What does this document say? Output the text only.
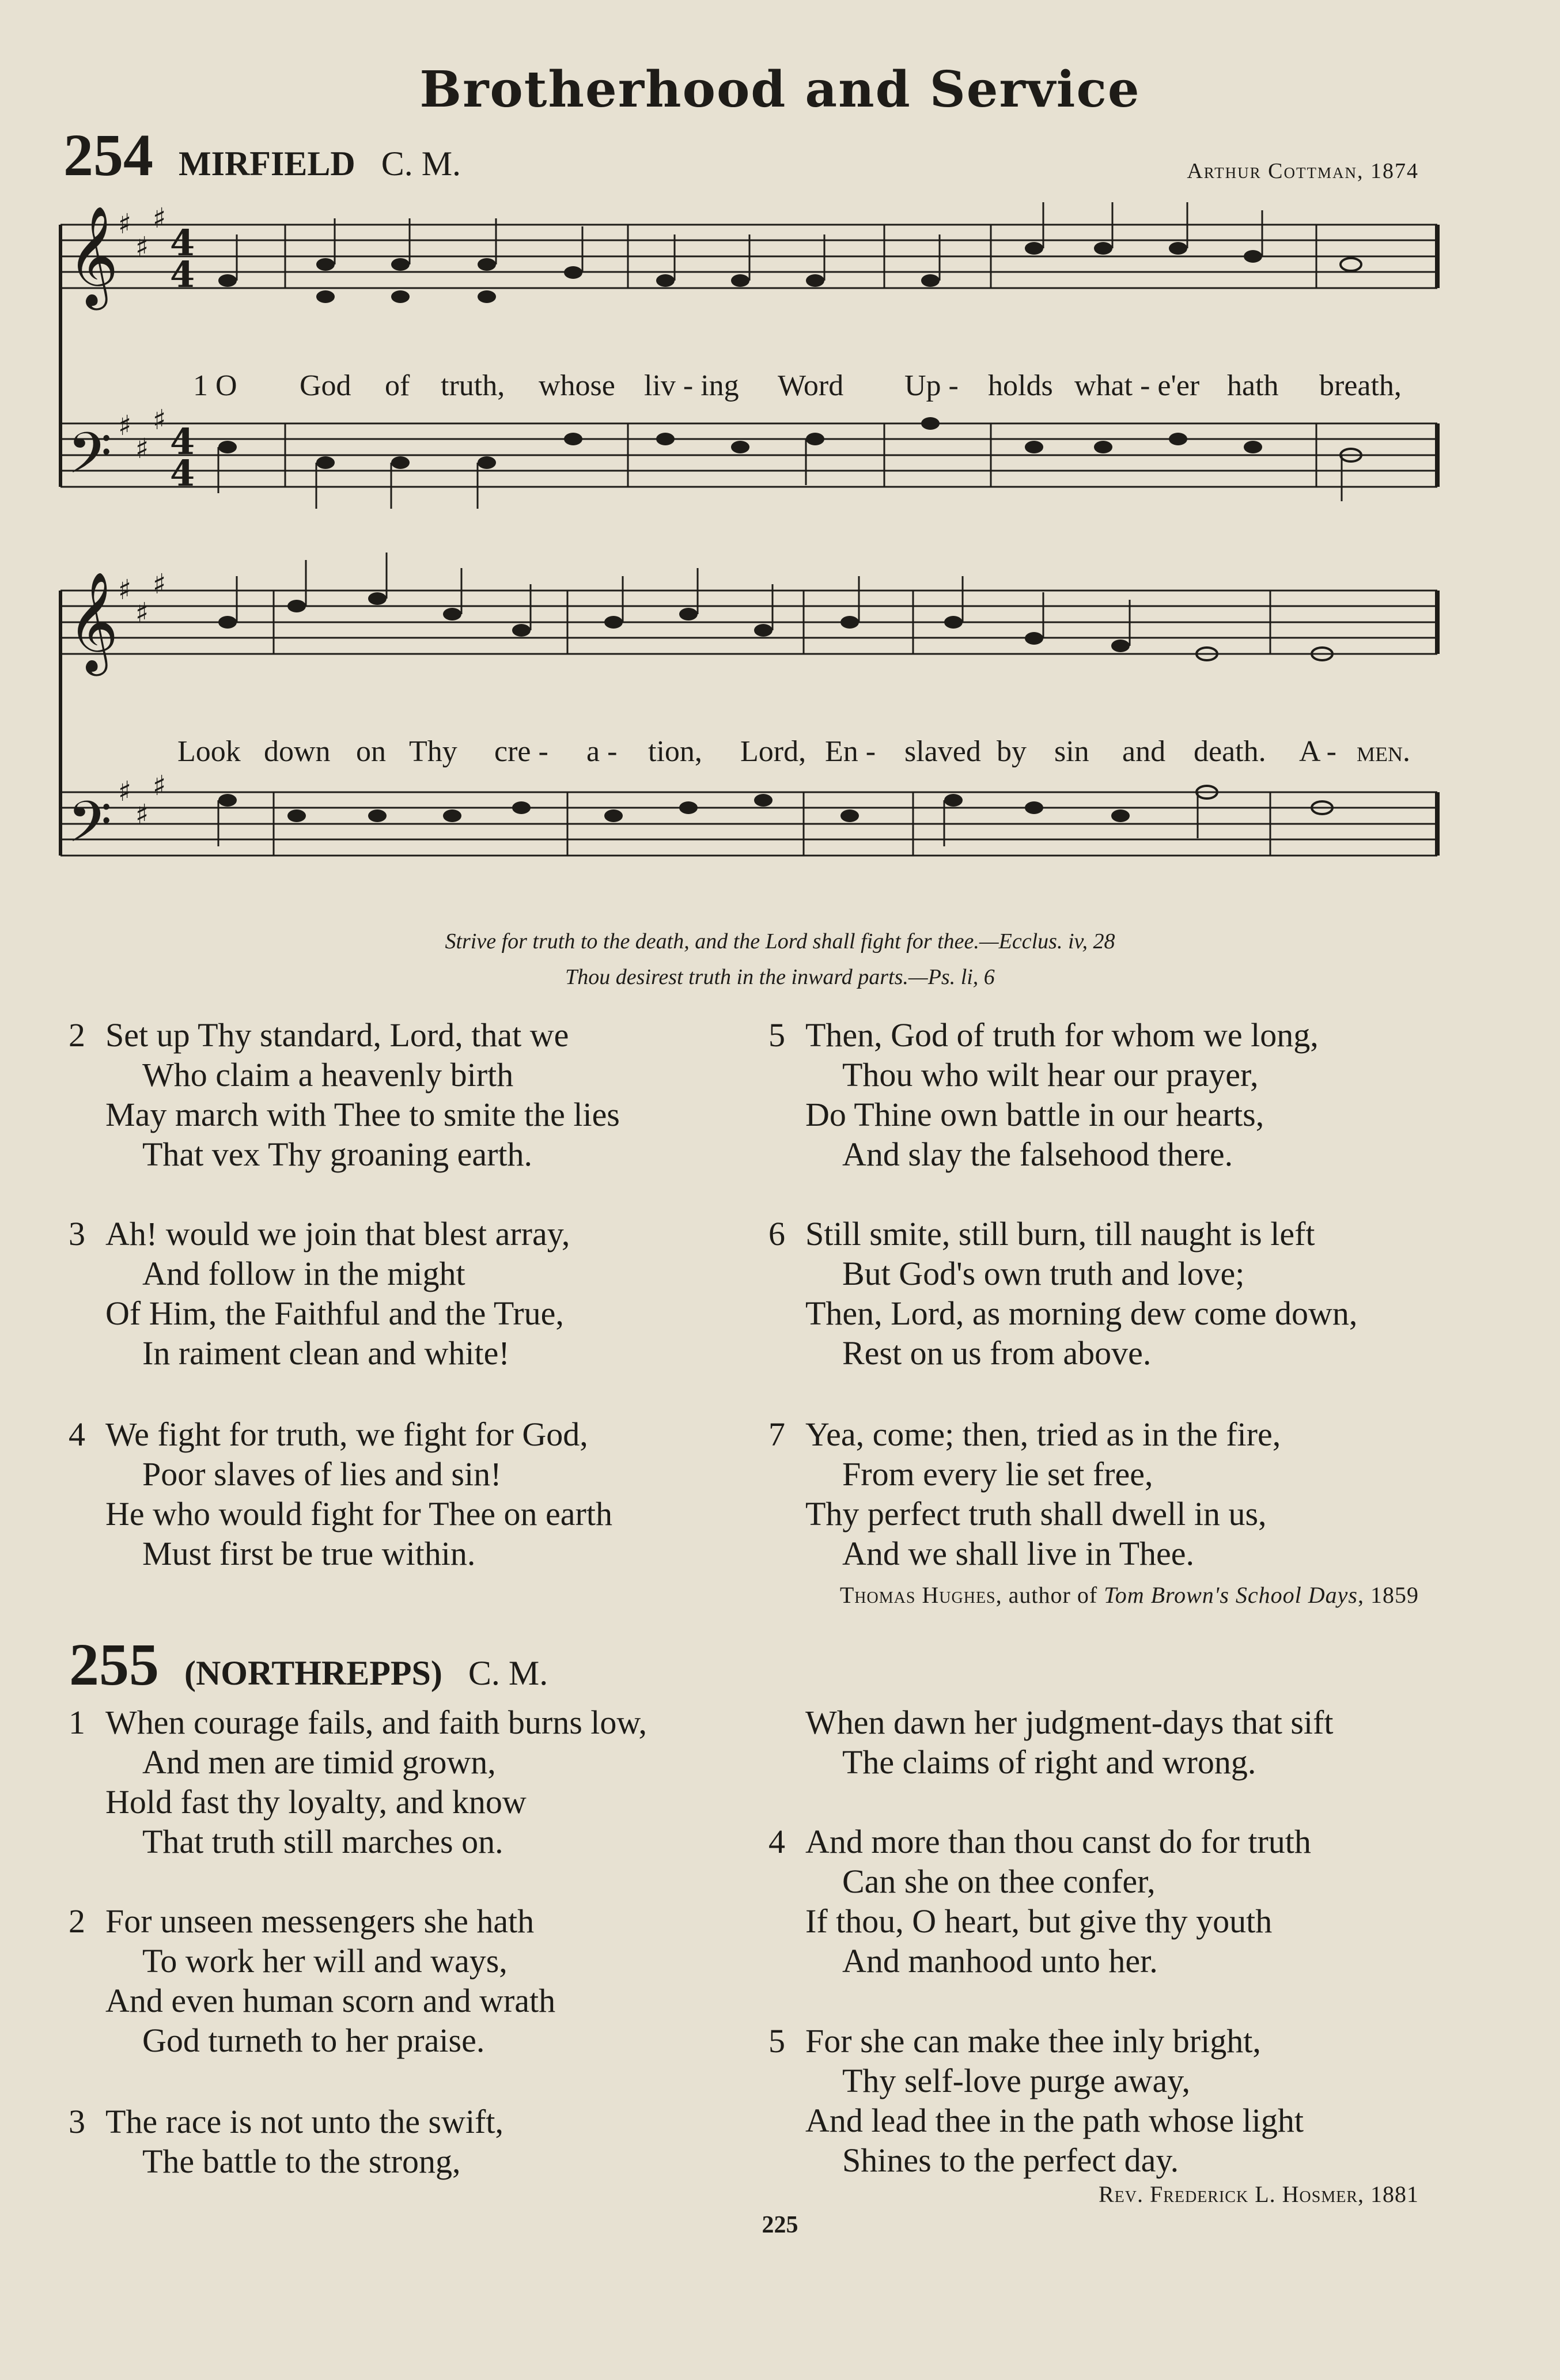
Brotherhood and Service
254 MIRFIELD C. M.	Arthur Cottman, 1874
𝄞
𝄢
𝄞
𝄢
♯
♯
♯
♯
♯
♯
♯
♯
♯
♯
♯
♯
4
4
4
4
1 O God of truth, whose liv - ing Word Up - holds what - e'er hath breath,
Look down on Thy cre - a - tion, Lord, En - slaved by sin and death. A - men.
Strive for truth to the death, and the Lord shall fight for thee.—Ecclus. iv, 28
Thou desirest truth in the inward parts.—Ps. li, 6
2 Set up Thy standard, Lord, that we
Who claim a heavenly birth
May march with Thee to smite the lies
That vex Thy groaning earth.
3 Ah! would we join that blest array,
And follow in the might
Of Him, the Faithful and the True,
In raiment clean and white!
4 We fight for truth, we fight for God,
Poor slaves of lies and sin!
He who would fight for Thee on earth
Must first be true within.
5 Then, God of truth for whom we long,
Thou who wilt hear our prayer,
Do Thine own battle in our hearts,
And slay the falsehood there.
6 Still smite, still burn, till naught is left
But God's own truth and love;
Then, Lord, as morning dew come down,
Rest on us from above.
7 Yea, come; then, tried as in the fire,
From every lie set free,
Thy perfect truth shall dwell in us,
And we shall live in Thee.
Thomas Hughes, author of Tom Brown's School Days, 1859
255 (NORTHREPPS) C. M.
1 When courage fails, and faith burns low,
And men are timid grown,
Hold fast thy loyalty, and know
That truth still marches on.
2 For unseen messengers she hath
To work her will and ways,
And even human scorn and wrath
God turneth to her praise.
3 The race is not unto the swift,
The battle to the strong,
When dawn her judgment-days that sift
The claims of right and wrong.
4 And more than thou canst do for truth
Can she on thee confer,
If thou, O heart, but give thy youth
And manhood unto her.
5 For she can make thee inly bright,
Thy self-love purge away,
And lead thee in the path whose light
Shines to the perfect day.
Rev. Frederick L. Hosmer, 1881
225
